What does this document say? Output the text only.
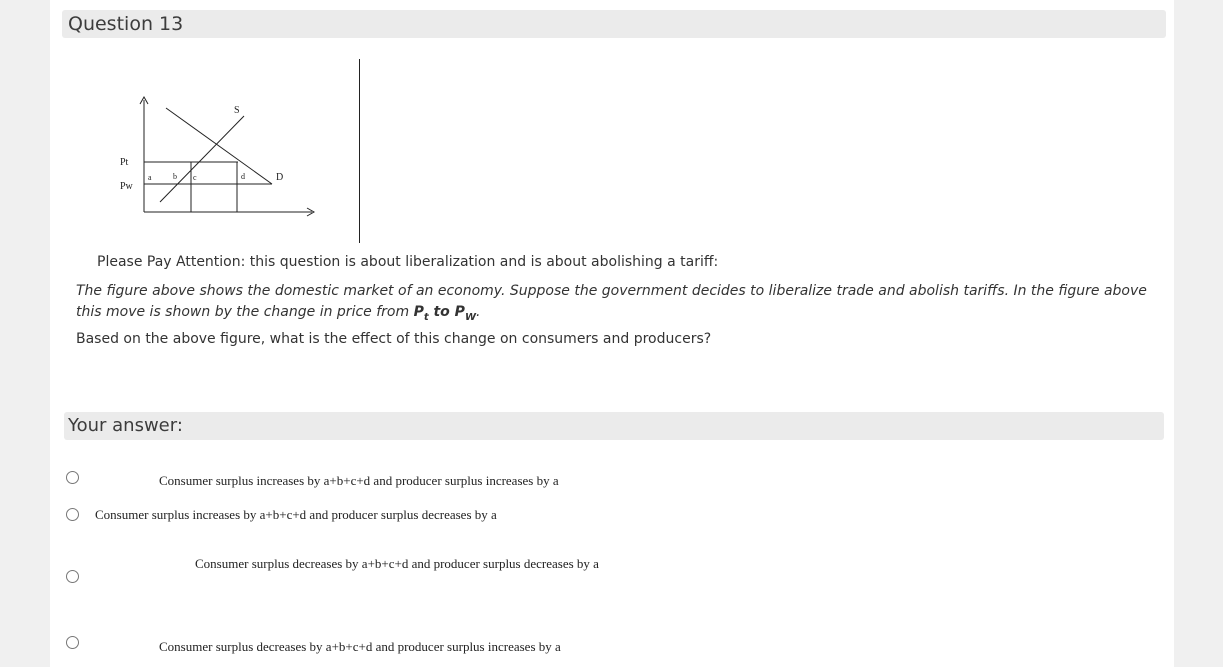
Question 13
S
D
Pt
Pw
a	b c	d
Please Pay Attention: this question is about liberalization and is about abolishing a tariff:
The figure above shows the domestic market of an economy. Suppose the government decides to liberalize trade and abolish tariffs. In the figure above this move is shown by the change in price from $P_t$ to $P_W$.
Based on the above figure, what is the effect of this change on consumers and producers?
Your answer:
Consumer surplus increases by a+b+c+d and producer surplus increases by a
Consumer surplus increases by a+b+c+d and producer surplus decreases by a
Consumer surplus decreases by a+b+c+d and producer surplus decreases by a
Consumer surplus decreases by a+b+c+d and producer surplus increases by a
